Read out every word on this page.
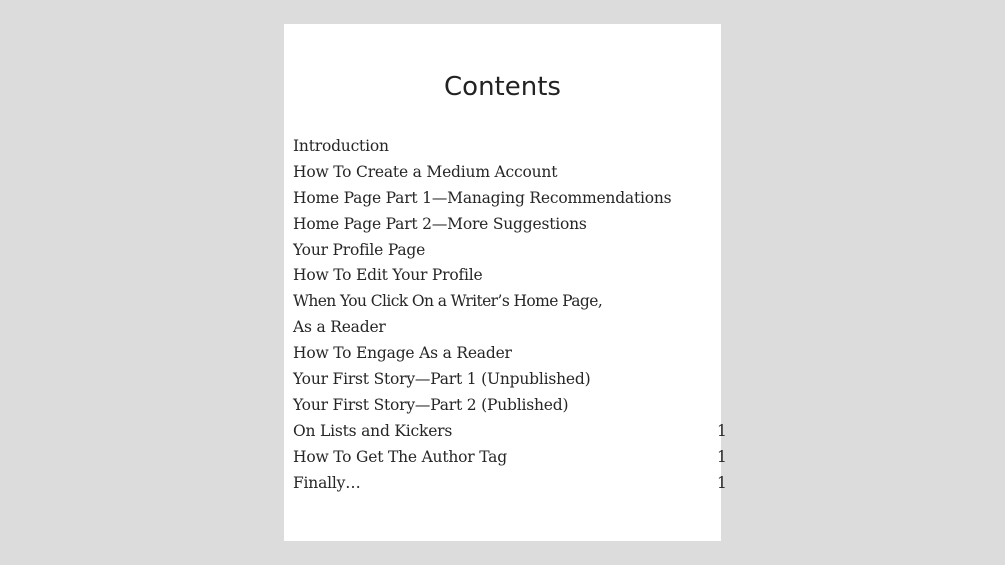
Contents
Introduction
How To Create a Medium Account
Home Page Part 1—Managing Recommendations
Home Page Part 2—More Suggestions
Your Profile Page
How To Edit Your Profile
When You Click On a Writer’s Home Page,
As a Reader
How To Engage As a Reader
Your First Story—Part 1 (Unpublished)
Your First Story—Part 2 (Published)
On Lists and Kickers	1
How To Get The Author Tag	1
Finally…	1
